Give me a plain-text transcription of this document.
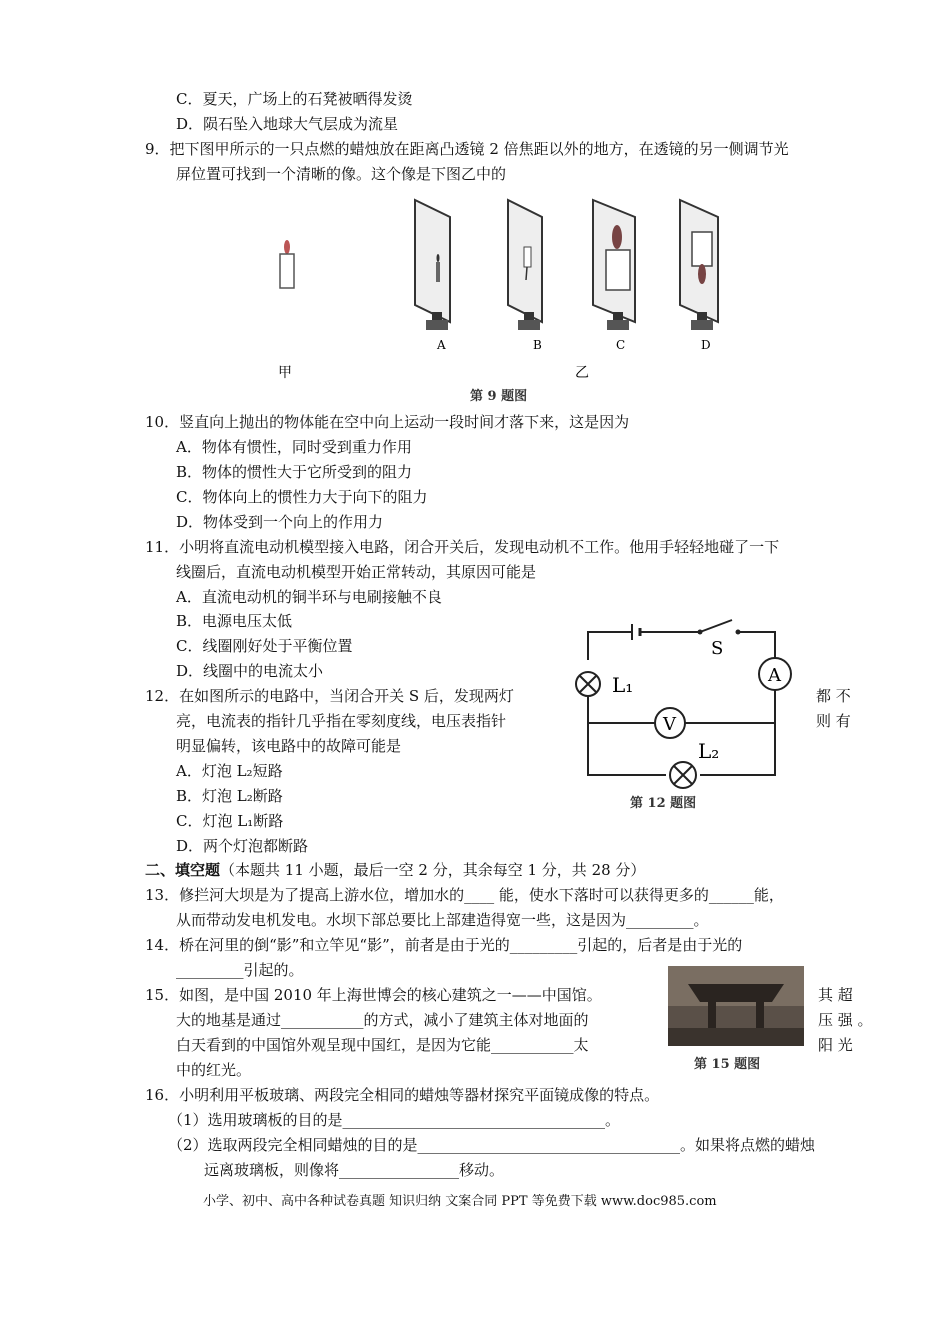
C．夏天，广场上的石凳被晒得发烫
D．陨石坠入地球大气层成为流星
9．把下图甲所示的一只点燃的蜡烛放在距离凸透镜 2 倍焦距以外的地方，在透镜的另一侧调节光
屏位置可找到一个清晰的像。这个像是下图乙中的
A	B	C	D
甲	乙
第 9 题图
10．竖直向上抛出的物体能在空中向上运动一段时间才落下来，这是因为
A．物体有惯性，同时受到重力作用
B．物体的惯性大于它所受到的阻力
C．物体向上的惯性力大于向下的阻力
D．物体受到一个向上的作用力
11．小明将直流电动机模型接入电路，闭合开关后，发现电动机不工作。他用手轻轻地碰了一下
线圈后，直流电动机模型开始正常转动，其原因可能是
A．直流电动机的铜半环与电刷接触不良
B．电源电压太低
C．线圈刚好处于平衡位置
D．线圈中的电流太小
S
A
V
L₁
L₂
第 12 题图
12．在如图所示的电路中，当闭合开关 S 后，发现两灯	都 不
亮，电流表的指针几乎指在零刻度线，电压表指针	则 有
明显偏转，该电路中的故障可能是
A．灯泡 L₂短路
B．灯泡 L₂断路
C．灯泡 L₁断路
D．两个灯泡都断路
二、填空题（本题共 11 小题，最后一空 2 分，其余每空 1 分，共 28 分）
13．修拦河大坝是为了提高上游水位，增加水的____ 能，使水下落时可以获得更多的______能，
从而带动发电机发电。水坝下部总要比上部建造得宽一些，这是因为_________。
14．桥在河里的倒“影”和立竿见“影”，前者是由于光的_________引起的，后者是由于光的
_________引起的。
第 15 题图
15．如图，是中国 2010 年上海世博会的核心建筑之一——中国馆。	其 超
大的地基是通过___________的方式，减小了建筑主体对地面的	压 强 。
白天看到的中国馆外观呈现中国红，是因为它能___________太	阳 光
中的红光。
16．小明利用平板玻璃、两段完全相同的蜡烛等器材探究平面镜成像的特点。
（1）选用玻璃板的目的是___________________________________。
（2）选取两段完全相同蜡烛的目的是___________________________________。如果将点燃的蜡烛
远离玻璃板，则像将________________移动。
小学、初中、高中各种试卷真题 知识归纳 文案合同 PPT 等免费下载 www.doc985.com
